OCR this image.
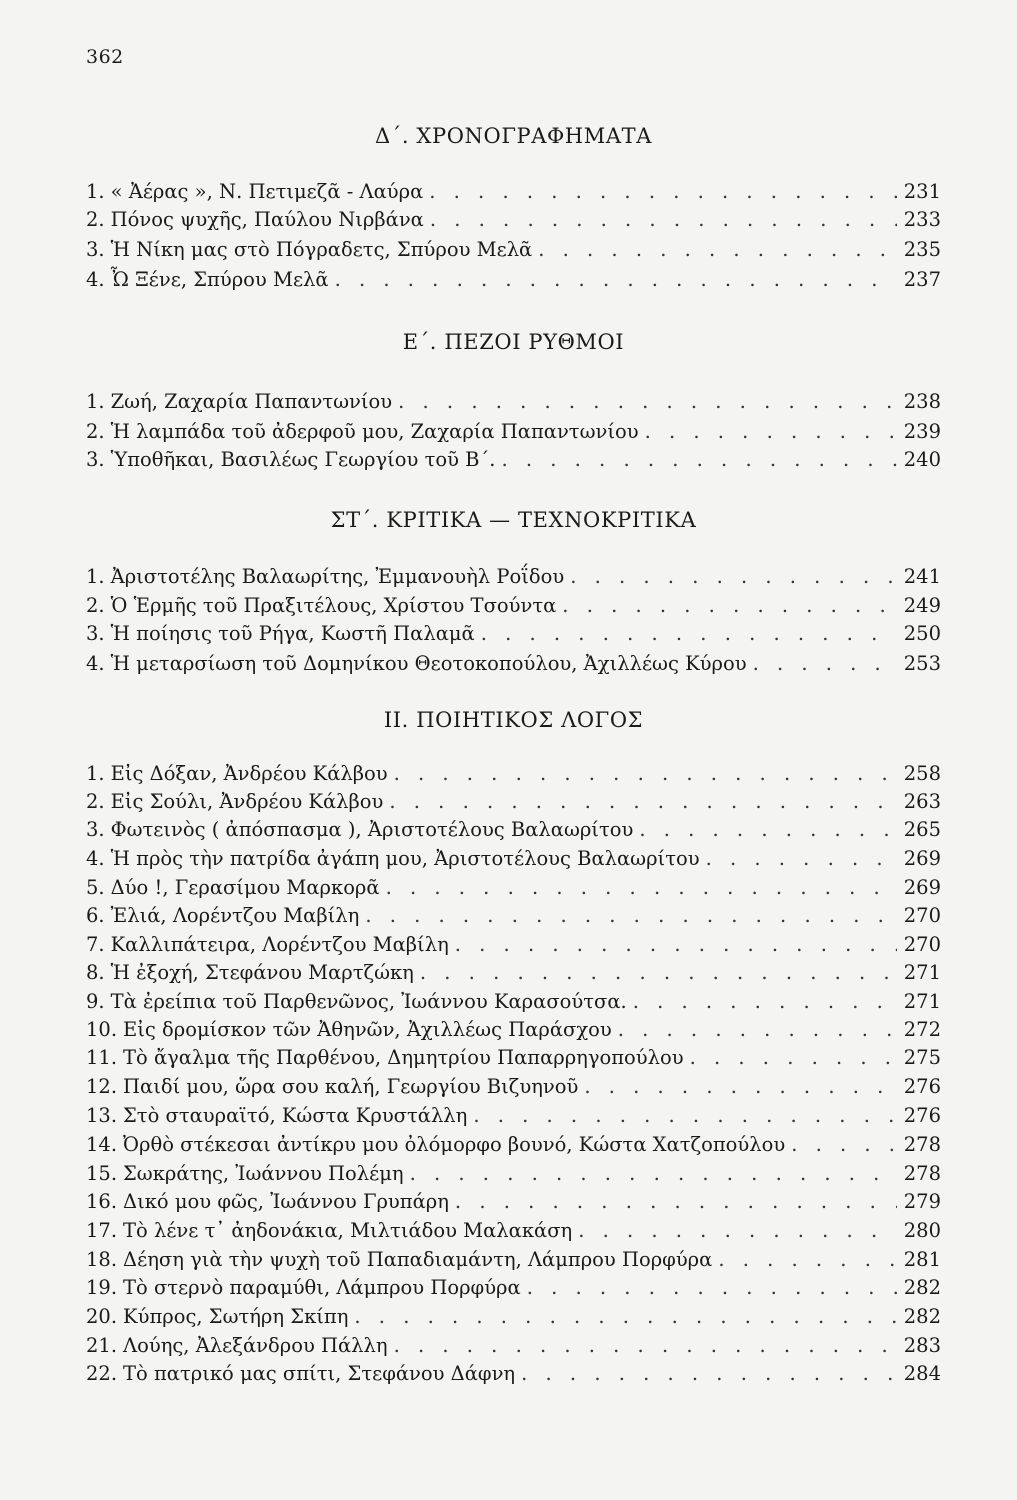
362
Δ΄. ΧΡΟΝΟΓΡΑΦΗΜΑΤΑ
1. « Ἀέρας », Ν. Πετιμεζᾶ - Λαύρα . . .	231
2. Πόνος ψυχῆς, Παύλου Νιρβάνα . . .	233
3. Ἡ Νίκη μας στὸ Πόγραδετς, Σπύρου Μελᾶ . . .	235
4. Ὦ Ξένε, Σπύρου Μελᾶ . . .	237
Ε΄. ΠΕΖΟΙ ΡΥΘΜΟΙ
1. Ζωή, Ζαχαρία Παπαντωνίου . . .	238
2. Ἡ λαμπάδα τοῦ ἀδερφοῦ μου, Ζαχαρία Παπαντωνίου . . .	239
3. Ὑποθῆκαι, Βασιλέως Γεωργίου τοῦ Β΄. . . .	240
ΣΤ΄. ΚΡΙΤΙΚΑ — ΤΕΧΝΟΚΡΙΤΙΚΑ
1. Ἀριστοτέλης Βαλαωρίτης, Ἐμμανουὴλ Ροΐδου . . .	241
2. Ὁ Ἑρμῆς τοῦ Πραξιτέλους, Χρίστου Τσούντα . . .	249
3. Ἡ ποίησις τοῦ Ρήγα, Κωστῆ Παλαμᾶ . . .	250
4. Ἡ μεταρσίωση τοῦ Δομηνίκου Θεοτοκοπούλου, Ἀχιλλέως Κύρου . . .	253
ΙΙ. ΠΟΙΗΤΙΚΟΣ ΛΟΓΟΣ
1. Εἰς Δόξαν, Ἀνδρέου Κάλβου . . .	258
2. Εἰς Σούλι, Ἀνδρέου Κάλβου . . .	263
3. Φωτεινὸς ( ἀπόσπασμα ), Ἀριστοτέλους Βαλαωρίτου . . .	265
4. Ἡ πρὸς τὴν πατρίδα ἀγάπη μου, Ἀριστοτέλους Βαλαωρίτου . . .	269
5. Δύο !, Γερασίμου Μαρκορᾶ . . .	269
6. Ἐλιά, Λορέντζου Μαβίλη . . .	270
7. Καλλιπάτειρα, Λορέντζου Μαβίλη . . .	270
8. Ἡ ἐξοχή, Στεφάνου Μαρτζώκη . . .	271
9. Τὰ ἐρείπια τοῦ Παρθενῶνος, Ἰωάννου Καρασούτσα. . . .	271
10. Εἰς δρομίσκον τῶν Ἀθηνῶν, Ἀχιλλέως Παράσχου . . .	272
11. Τὸ ἄγαλμα τῆς Παρθένου, Δημητρίου Παπαρρηγοπούλου . . .	275
12. Παιδί μου, ὥρα σου καλή, Γεωργίου Βιζυηνοῦ . . .	276
13. Στὸ σταυραϊτό, Κώστα Κρυστάλλη . . .	276
14. Ὀρθὸ στέκεσαι ἀντίκρυ μου ὀλόμορφο βουνό, Κώστα Χατζοπούλου . . .	278
15. Σωκράτης, Ἰωάννου Πολέμη . . .	278
16. Δικό μου φῶς, Ἰωάννου Γρυπάρη . . .	279
17. Τὸ λένε τ᾽ ἀηδονάκια, Μιλτιάδου Μαλακάση . . .	280
18. Δέηση γιὰ τὴν ψυχὴ τοῦ Παπαδιαμάντη, Λάμπρου Πορφύρα . . .	281
19. Τὸ στερνὸ παραμύθι, Λάμπρου Πορφύρα . . .	282
20. Κύπρος, Σωτήρη Σκίπη . . .	282
21. Λούης, Ἀλεξάνδρου Πάλλη . . .	283
22. Τὸ πατρικό μας σπίτι, Στεφάνου Δάφνη . . .	284
